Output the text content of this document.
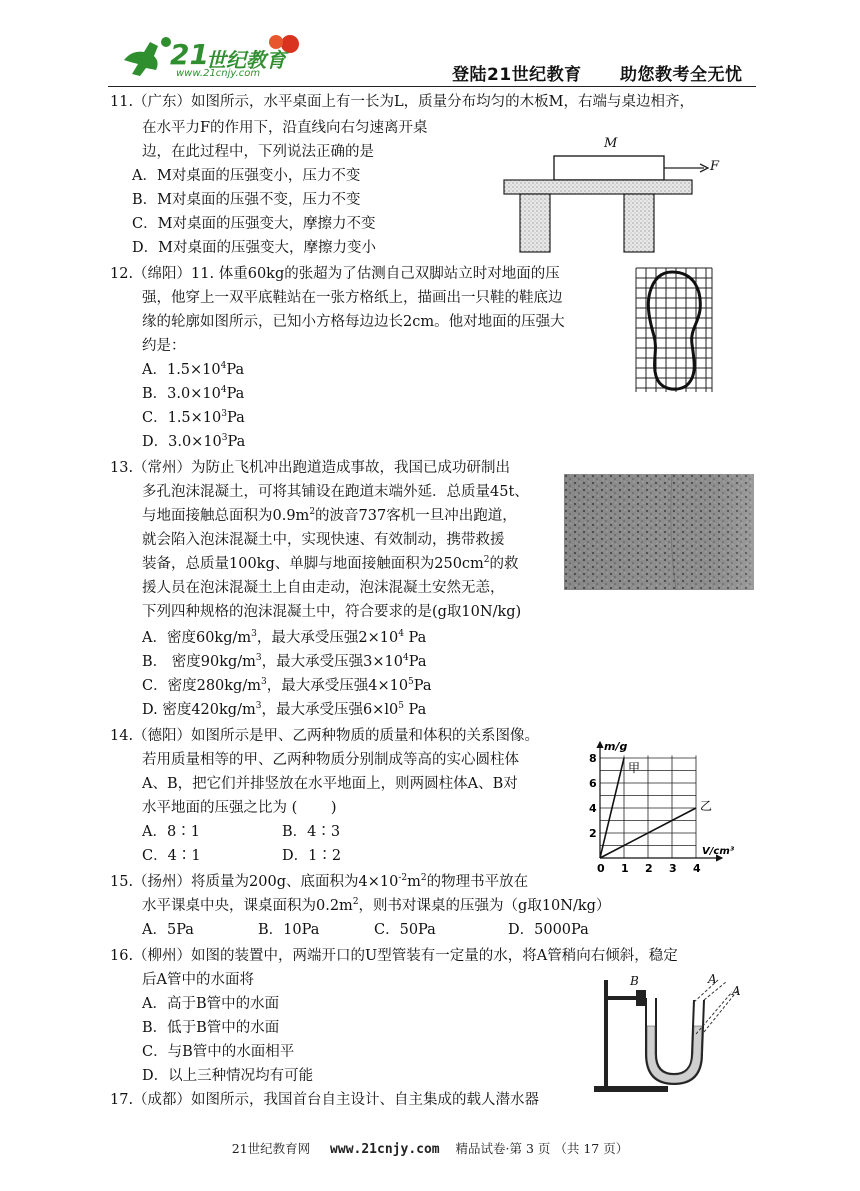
21
世纪教育
www.21cnjy.com	登陆21世纪教育 助您教考全无忧
11.（广东）如图所示，水平桌面上有一长为L，质量分布均匀的木板M，右端与桌边相齐，
在水平力F的作用下，沿直线向右匀速离开桌
边，在此过程中，下列说法正确的是
A．M对桌面的压强变小，压力不变
B．M对桌面的压强不变，压力不变
C．M对桌面的压强变大，摩擦力不变
D．M对桌面的压强变大，摩擦力变小
M
F
12.（绵阳）11. 体重60kg的张超为了估测自己双脚站立时对地面的压
强，他穿上一双平底鞋站在一张方格纸上，描画出一只鞋的鞋底边
缘的轮廓如图所示，已知小方格每边边长2cm。他对地面的压强大
约是：
A．$1.5\times 10^4Pa$
B．$3.0\times 10^4Pa$
C．$1.5\times 10^3Pa$
D．$3.0\times 10^3Pa$
13.（常州）为防止飞机冲出跑道造成事故，我国已成功研制出
多孔泡沫混凝土，可将其铺设在跑道末端外延．总质量45t、
与地面接触总面积为$0.9m^2$的波音737客机一旦冲出跑道，
就会陷入泡沫混凝土中，实现快速、有效制动，携带救援
装备，总质量100kg、单脚与地面接触面积为$250cm^2$的救
援人员在泡沫混凝土上自由走动，泡沫混凝土安然无恙，
下列四种规格的泡沫混凝土中，符合要求的是(g取10N/kg)
A．密度$60kg/m^3$，最大承受压强$2\times 10^4$ Pa
B． 密度$90kg/m^3$，最大承受压强$3\times 10^4Pa$
C．密度$280kg/m^3$，最大承受压强$4\times 10^5Pa$
D. 密度$420kg/m^3$，最大承受压强$6\times l0^5$ Pa
14.（德阳）如图所示是甲、乙两种物质的质量和体积的关系图像。
若用质量相等的甲、乙两种物质分别制成等高的实心圆柱体
A、B，把它们并排竖放在水平地面上，则两圆柱体A、B对
水平地面的压强之比为 (　　 )
A．8∶1	B．4∶3
C．4∶1	D．1∶2
0 1 2 3 4
2
4
6
8
m/g
V/cm³
甲
乙
15.（扬州）将质量为200g、底面积为$4\times 10^{-2}m^2$的物理书平放在
水平课桌中央，课桌面积为$0.2m^2$，则书对课桌的压强为（g取10N/kg）
A．5Pa	B．10Pa	C．50Pa	D．5000Pa
16.（柳州）如图的装置中，两端开口的U型管装有一定量的水，将A管稍向右倾斜，稳定
后A管中的水面将
A．高于B管中的水面
B．低于B管中的水面
C．与B管中的水面相平
D．以上三种情况均有可能
B	A
A
17.（成都）如图所示，我国首台自主设计、自主集成的载人潜水器
21世纪教育网 www.21cnjy.com 精品试卷·第 3 页 （共 17 页）
